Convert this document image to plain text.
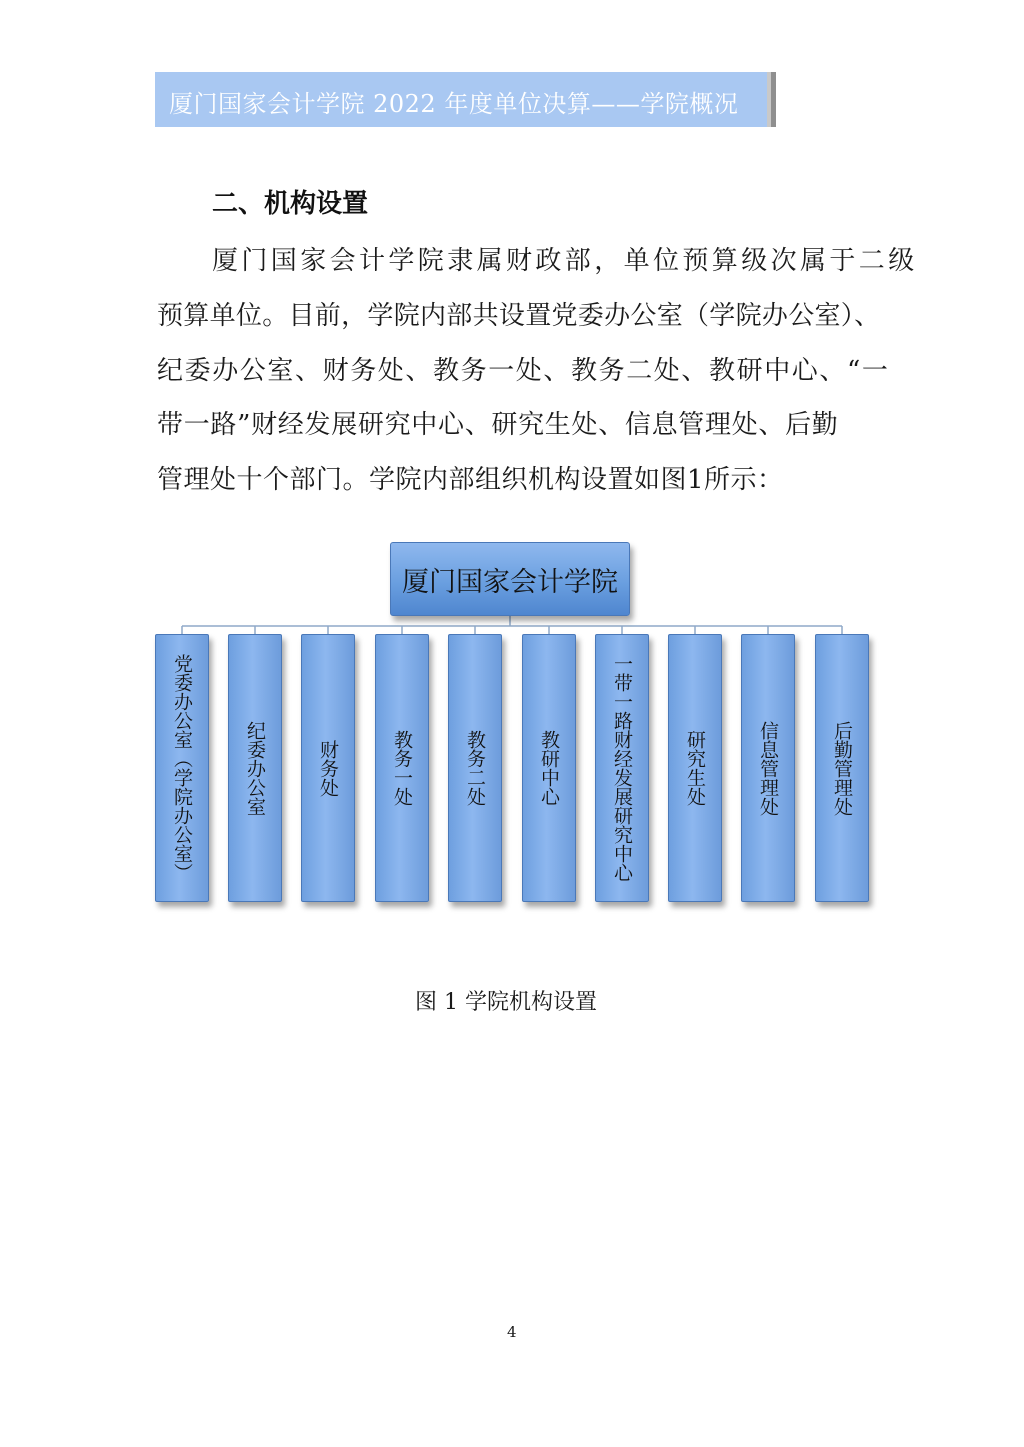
厦门国家会计学院 2022 年度单位决算——学院概况
二、机构设置
厦门国家会计学院隶属财政部，单位预算级次属于二级
预算单位。目前，学院内部共设置党委办公室（学院办公室）、
纪委办公室、财务处、教务一处、教务二处、教研中心、“一
带一路”财经发展研究中心、研究生处、信息管理处、后勤
管理处十个部门。学院内部组织机构设置如图1所示：
厦门国家会计学院
党委办公室（学院办公室）	纪委办公室	财务处	教务一处	教务二处	教研中心	一带一路财经发展研究中心	研究生处	信息管理处	后勤管理处
图 1 学院机构设置
4
